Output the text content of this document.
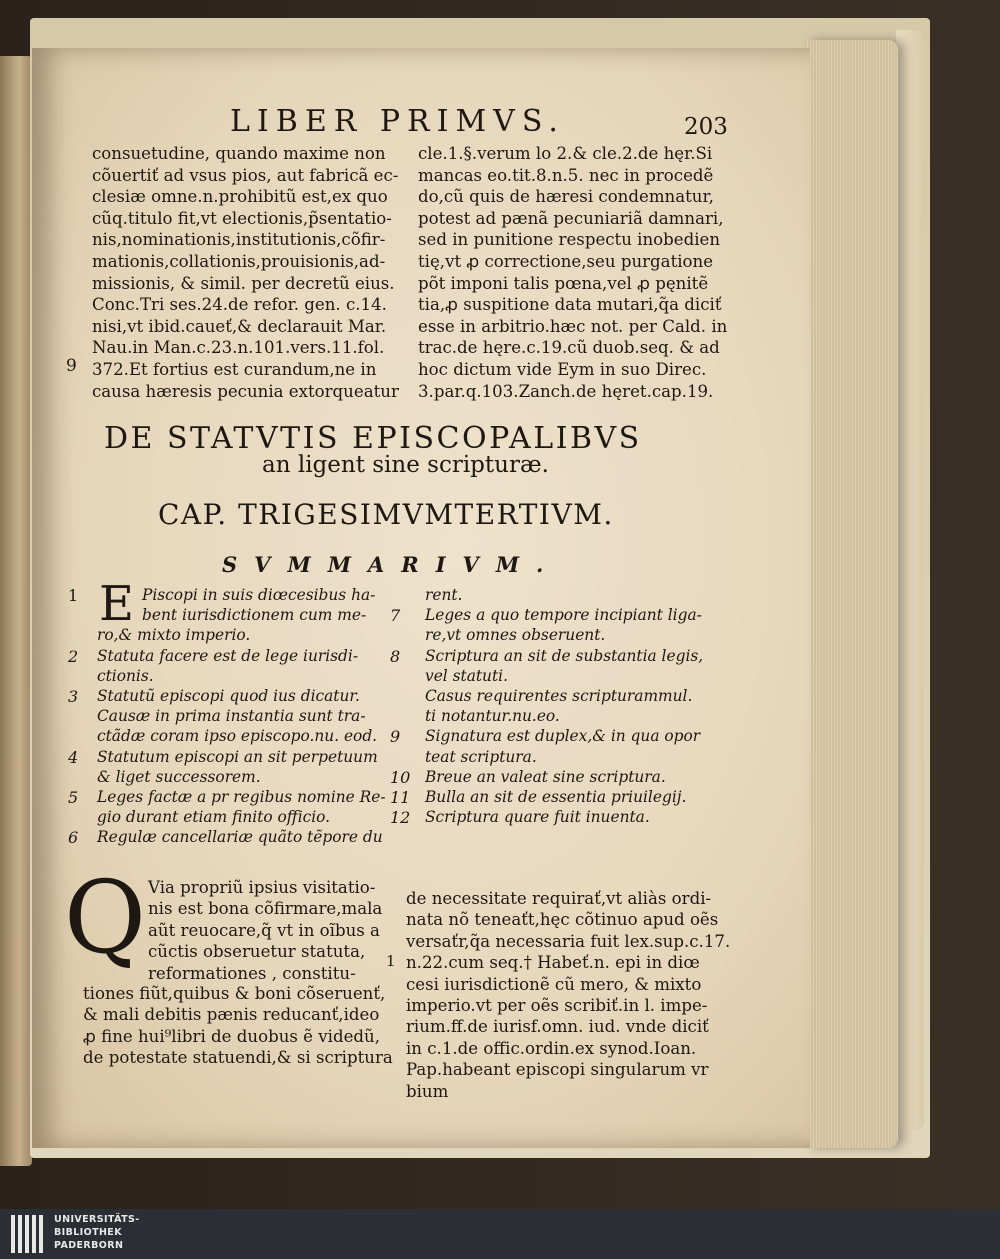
LIBER PRIMVS.	203

consuetudine, quando maxime non
cõuertiť ad vsus pios, aut fabricã ec-
clesiæ omne.n.prohibitũ est,ex quo
cũq.titulo fit,vt electionis,p̃sentatio-
nis,nominationis,institutionis,cõfir-
mationis,collationis,prouisionis,ad-
missionis, & simil. per decretũ eius.
Conc.Tri ses.24.de refor. gen. c.14.
nisi,vt ibid.caueť,& declarauit Mar.
Nau.in Man.c.23.n.101.vers.11.fol.
372.Et fortius est curandum,ne in
causa hæresis pecunia extorqueatur
9
cle.1.§.verum lo 2.& cle.2.de hęr.Si
mancas eo.tit.8.n.5. nec in procedẽ
do,cũ quis de hæresi condemnatur,
potest ad pænã pecuniariã damnari,
sed in punitione respectu inobedien
tię,vt ꝓ correctione,seu purgatione
põt imponi talis pœna,vel ꝓ pęnitẽ
tia,ꝓ suspitione data mutari,q̃a diciť
esse in arbitrio.hæc not. per Cald. in
trac.de hęre.c.19.cũ duob.seq. & ad
hoc dictum vide Eym in suo Direc.
3.par.q.103.Zanch.de hęret.cap.19.

DE STATVTIS EPISCOPALIBVS

an ligent sine scripturæ.

CAP. TRIGESIMVMTERTIVM.

SVMMARIVM.

1	Piscopi in suis diœcesibus ha-
bent iurisdictionem cum me-
ro,& mixto imperio.
2 Statuta facere est de lege iurisdi-
ctionis.
3 Statutũ episcopi quod ius dicatur.
Causæ in prima instantia sunt tra-
ctãdæ coram ipso episcopo.nu. eod.
4 Statutum episcopi an sit perpetuum
& liget successorem.
5 Leges factæ a pr regibus nomine Re-
gio durant etiam finito officio.
6 Regulæ cancellariæ quãto tẽpore du
rent.
7 Leges a quo tempore incipiant liga-
re,vt omnes obseruent.
8 Scriptura an sit de substantia legis,
vel statuti.
Casus requirentes scripturammul.
ti notantur.nu.eo.
9 Signatura est duplex,& in qua opor
teat scriptura.
10 Breue an valeat sine scriptura.
11 Bulla an sit de essentia priuilegij.
12 Scriptura quare fuit inuenta.
E

Q Via propriũ ipsius visitatio-
nis est bona cõfirmare,mala
aũt reuocare,q̃ vt in oĩbus a
cũctis obseruetur statuta,
reformationes , constitu-
tiones fiũt,quibus & boni cõseruenť,
& mali debitis pænis reducanť,ideo
ꝓ fine hui⁹libri de duobus ẽ videdũ,
de potestate statuendi,& si scriptura
1
de necessitate requirať,vt aliàs ordi-
nata nõ teneaťt,hęc cõtinuo apud oẽs
versaťr,q̃a necessaria fuit lex.sup.c.17.
n.22.cum seq.† Habeť.n. epi in diœ
cesi iurisdictionẽ cũ mero, & mixto
imperio.vt per oẽs scribiť.in l. impe-
rium.ff.de iurisf.omn. iud. vnde diciť
in c.1.de offic.ordin.ex synod.Ioan.
Pap.habeant episcopi singularum vr
bium
UNIVERSITÄTS-
BIBLIOTHEK
PADERBORN
